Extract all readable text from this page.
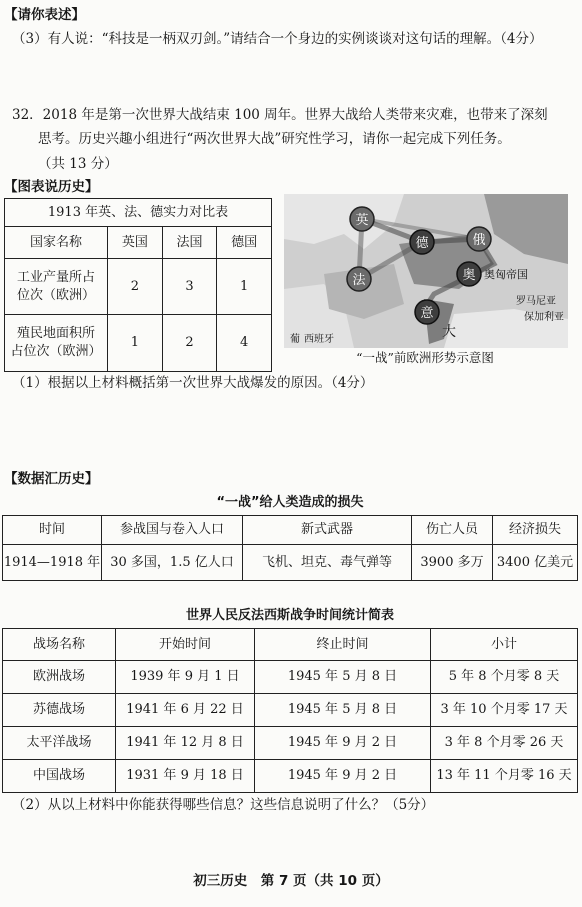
【请你表述】
（3）有人说：“科技是一柄双刃剑。”请结合一个身边的实例谈谈对这句话的理解。（4分）
32．2018 年是第一次世界大战结束 100 周年。世界大战给人类带来灾难，也带来了深刻
思考。历史兴趣小组进行“两次世界大战”研究性学习，请你一起完成下列任务。
（共 13 分）
【图表说历史】
1913 年英、法、德实力对比表			
国家名称	英国	法国	德国

工业产量所占
位次（欧洲）	2	3	1

殖民地面积所
占位次（欧洲）	1	2	4
英
德	俄
法	奥
意
奥匈帝国
罗马尼亚
保加利亚
西班牙
葡	大
“一战”前欧洲形势示意图
（1）根据以上材料概括第一次世界大战爆发的原因。（4分）
【数据汇历史】
“一战”给人类造成的损失
时间	参战国与卷入人口	新式武器	伤亡人员	经济损失
1914—1918 年	30 多国，1.5 亿人口	飞机、坦克、毒气弹等	3900 多万	3400 亿美元
世界人民反法西斯战争时间统计简表
战场名称	开始时间	终止时间	小计
欧洲战场	1939 年 9 月 1 日	1945 年 5 月 8 日	5 年 8 个月零 8 天
苏德战场	1941 年 6 月 22 日	1945 年 5 月 8 日	3 年 10 个月零 17 天
太平洋战场	1941 年 12 月 8 日	1945 年 9 月 2 日	3 年 8 个月零 26 天
中国战场	1931 年 9 月 18 日	1945 年 9 月 2 日	13 年 11 个月零 16 天
（2）从以上材料中你能获得哪些信息？这些信息说明了什么？（5分）
初三历史　第 7 页（共 10 页）
